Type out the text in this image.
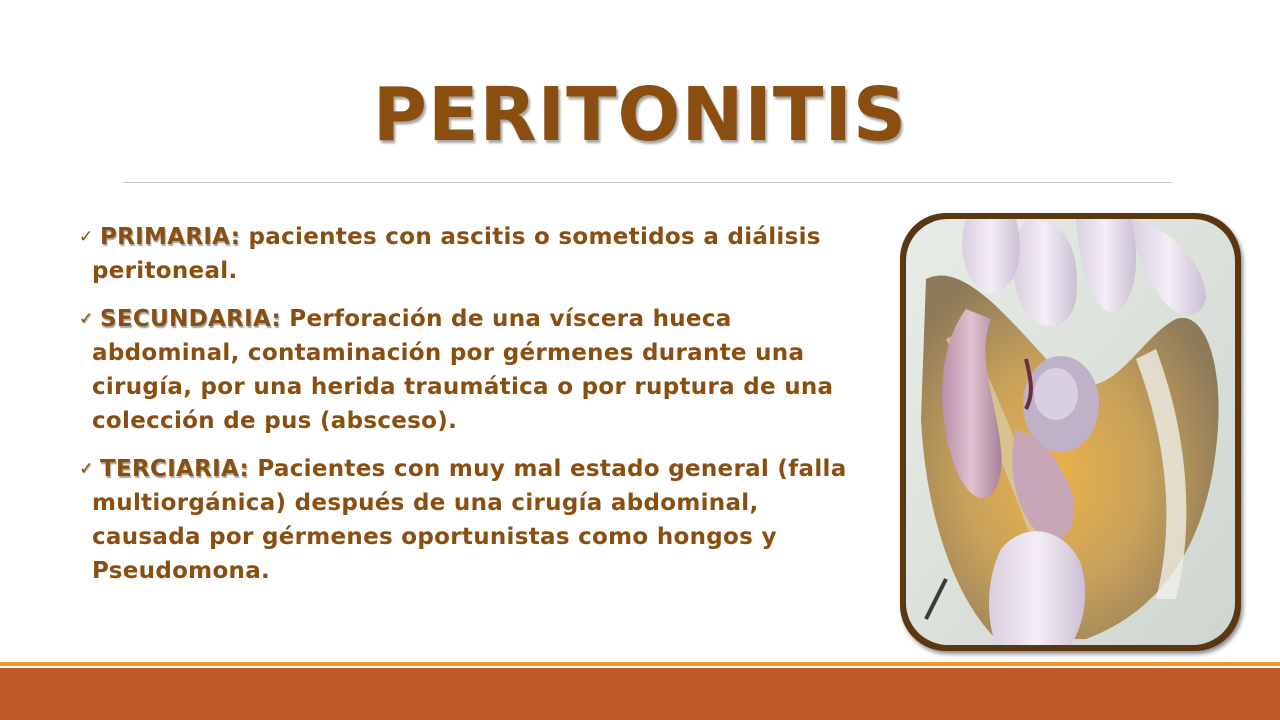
PERITONITIS
✓ PRIMARIA: pacientes con ascitis o sometidos a diálisis peritoneal.
✓ SECUNDARIA: Perforación de una víscera hueca abdominal, contaminación por gérmenes durante una cirugía, por una herida traumática o por ruptura de una colección de pus (absceso).
✓ TERCIARIA: Pacientes con muy mal estado general (falla multiorgánica) después de una cirugía abdominal, causada por gérmenes oportunistas como hongos y Pseudomona.
